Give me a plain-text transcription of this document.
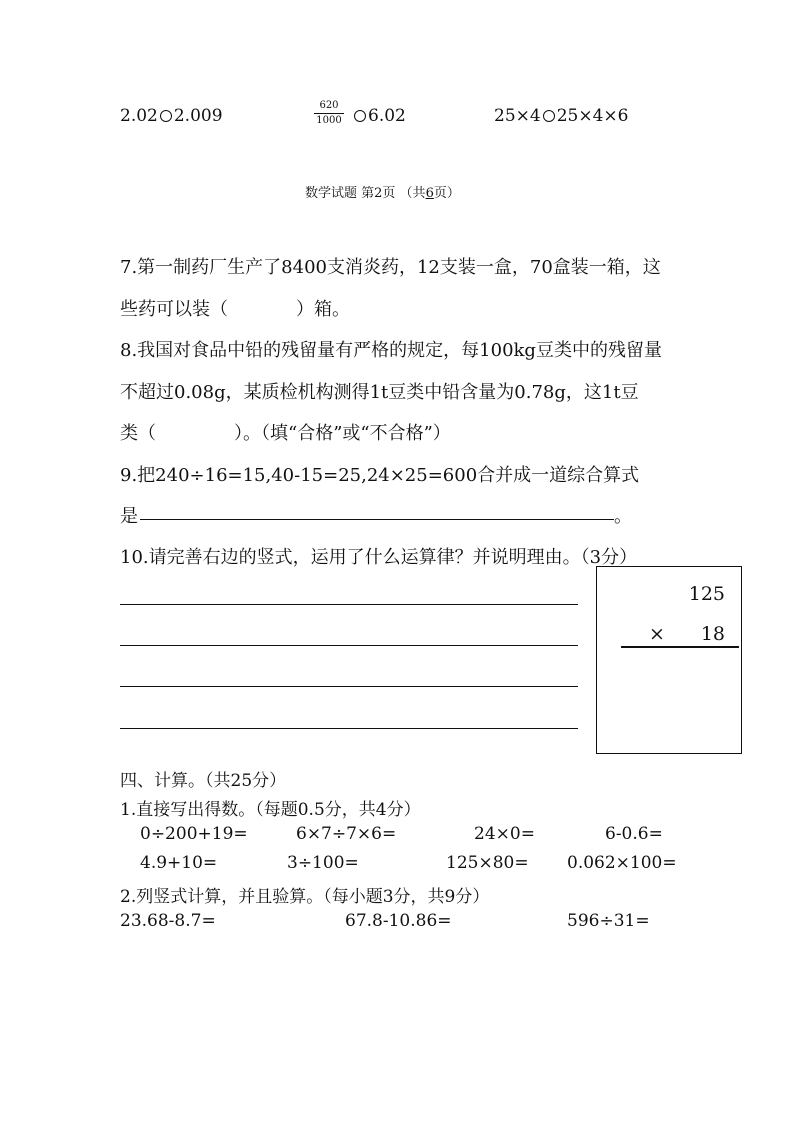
2.02 2.009
620
1000	6.02	25×4 25×4×6
数学试题 第2页 （共6页）
7.第一制药厂生产了8400支消炎药，12支装一盒，70盒装一箱，这
些药可以装（	）箱。
8.我国对食品中铅的残留量有严格的规定，每100kg豆类中的残留量
不超过0.08g，某质检机构测得1t豆类中铅含量为0.78g，这1t豆
类（	）。（填“合格”或“不合格”）
9.把240÷16=15,40-15=25,24×25=600合并成一道综合算式
是	。
10.请完善右边的竖式，运用了什么运算律？并说明理由。（3分）
125
× 18
四、计算。（共25分）
1.直接写出得数。（每题0.5分，共4分）
0÷200+19=	6×7÷7×6=	24×0=	6-0.6=
4.9+10=	3÷100=	125×80= 0.062×100=
2.列竖式计算，并且验算。（每小题3分，共9分）
23.68-8.7=	67.8-10.86=	596÷31=
